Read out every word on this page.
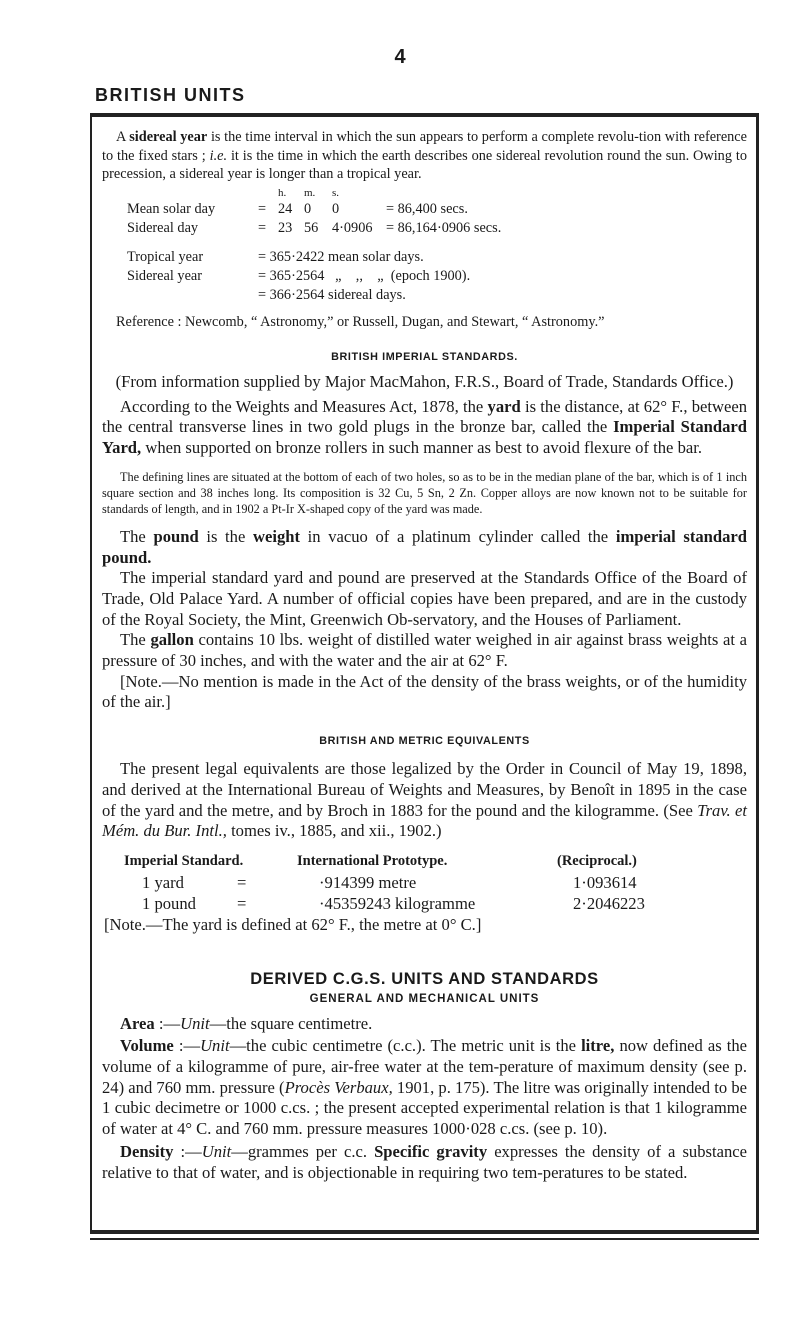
4
BRITISH UNITS

A sidereal year is the time interval in which the sun appears to perform a complete revolu-tion with reference to the fixed stars ; i.e. it is the time in which the earth describes one sidereal revolution round the sun. Owing to precession, a sidereal year is longer than a tropical year.

		h.	m.	s.	
Mean solar day	=	24	0	0	= 86,400 secs.
Sidereal day	=	23	56	4·0906	= 86,164·0906 secs.
Tropical year	= 365·2422 mean solar days.
Sidereal year	= 365·2564   „    ,,    „  (epoch 1900).
	= 366·2564 sidereal days.

Reference : Newcomb, “ Astronomy,” or Russell, Dugan, and Stewart, “ Astronomy.”

BRITISH IMPERIAL STANDARDS.

(From information supplied by Major MacMahon, F.R.S., Board of Trade, Standards Office.)

According to the Weights and Measures Act, 1878, the yard is the distance, at 62° F., between the central transverse lines in two gold plugs in the bronze bar, called the Imperial Standard Yard, when supported on bronze rollers in such manner as best to avoid flexure of the bar.

The defining lines are situated at the bottom of each of two holes, so as to be in the median plane of the bar, which is of 1 inch square section and 38 inches long. Its composition is 32 Cu, 5 Sn, 2 Zn. Copper alloys are now known not to be suitable for standards of length, and in 1902 a Pt-Ir X-shaped copy of the yard was made.

The pound is the weight in vacuo of a platinum cylinder called the imperial standard pound.

The imperial standard yard and pound are preserved at the Standards Office of the Board of Trade, Old Palace Yard. A number of official copies have been prepared, and are in the custody of the Royal Society, the Mint, Greenwich Ob-servatory, and the Houses of Parliament.

The gallon contains 10 lbs. weight of distilled water weighed in air against brass weights at a pressure of 30 inches, and with the water and the air at 62° F.

[Note.—No mention is made in the Act of the density of the brass weights, or of the humidity of the air.]

BRITISH AND METRIC EQUIVALENTS

The present legal equivalents are those legalized by the Order in Council of May 19, 1898, and derived at the International Bureau of Weights and Measures, by Benoît in 1895 in the case of the yard and the metre, and by Broch in 1883 for the pound and the kilogramme. (See Trav. et Mém. du Bur. Intl., tomes iv., 1885, and xii., 1902.)

Imperial Standard.		International Prototype.	(Reciprocal.)
1 yard	=	·914399 metre	1·093614
1 pound	=	·45359243 kilogramme	2·2046223

[Note.—The yard is defined at 62° F., the metre at 0° C.]

DERIVED C.G.S. UNITS AND STANDARDS
GENERAL AND MECHANICAL UNITS

Area :—Unit—the square centimetre.

Volume :—Unit—the cubic centimetre (c.c.). The metric unit is the litre, now defined as the volume of a kilogramme of pure, air-free water at the tem-perature of maximum density (see p. 24) and 760 mm. pressure (Procès Verbaux, 1901, p. 175). The litre was originally intended to be 1 cubic decimetre or 1000 c.cs. ; the present accepted experimental relation is that 1 kilogramme of water at 4° C. and 760 mm. pressure measures 1000·028 c.cs. (see p. 10).

Density :—Unit—grammes per c.c. Specific gravity expresses the density of a substance relative to that of water, and is objectionable in requiring two tem-peratures to be stated.
